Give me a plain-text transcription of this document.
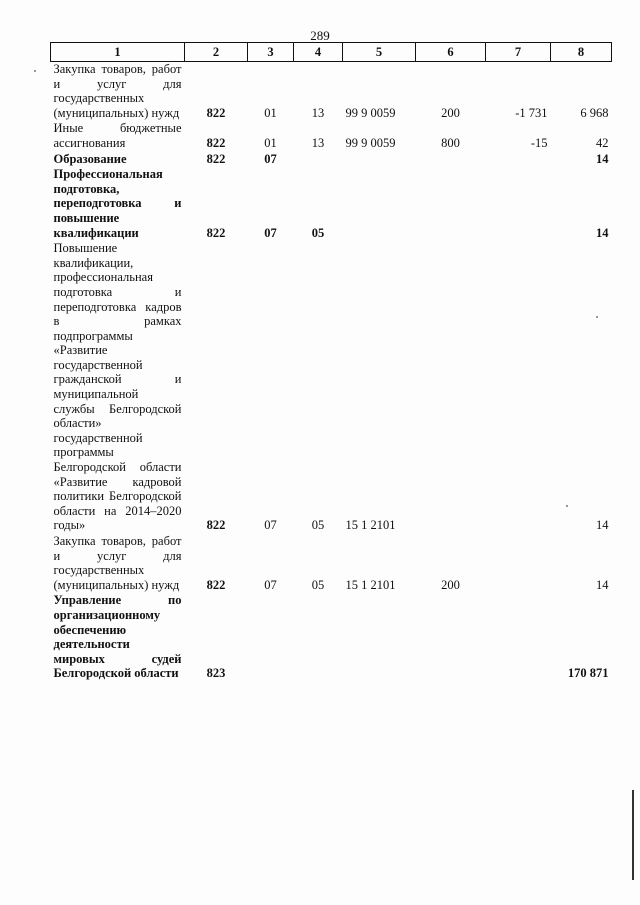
289
1	2	3	4	5	6	7	8
Закупка товаров, работ и услуг для государственных (муниципальных) нужд	822	01	13	99 9 0059	200	-1 731	6 968
Иные бюджетные ассигнования	822	01	13	99 9 0059	800	-15	42
Образование	822	07					14
Профессиональная подготовка, переподготовка и повышение квалификации	822	07	05				14
Повышение квалификации, профессиональная подготовка и переподготовка кадров в рамках подпрограммы «Развитие государственной гражданской и муниципальной службы Белгородской области» государственной программы Белгородской области «Развитие кадровой политики Белгородской области на 2014–2020 годы»	822	07	05	15 1 2101			14
Закупка товаров, работ и услуг для государственных (муниципальных) нужд	822	07	05	15 1 2101	200		14
Управление по организационному обеспечению деятельности мировых судей Белгородской области	823						170 871
